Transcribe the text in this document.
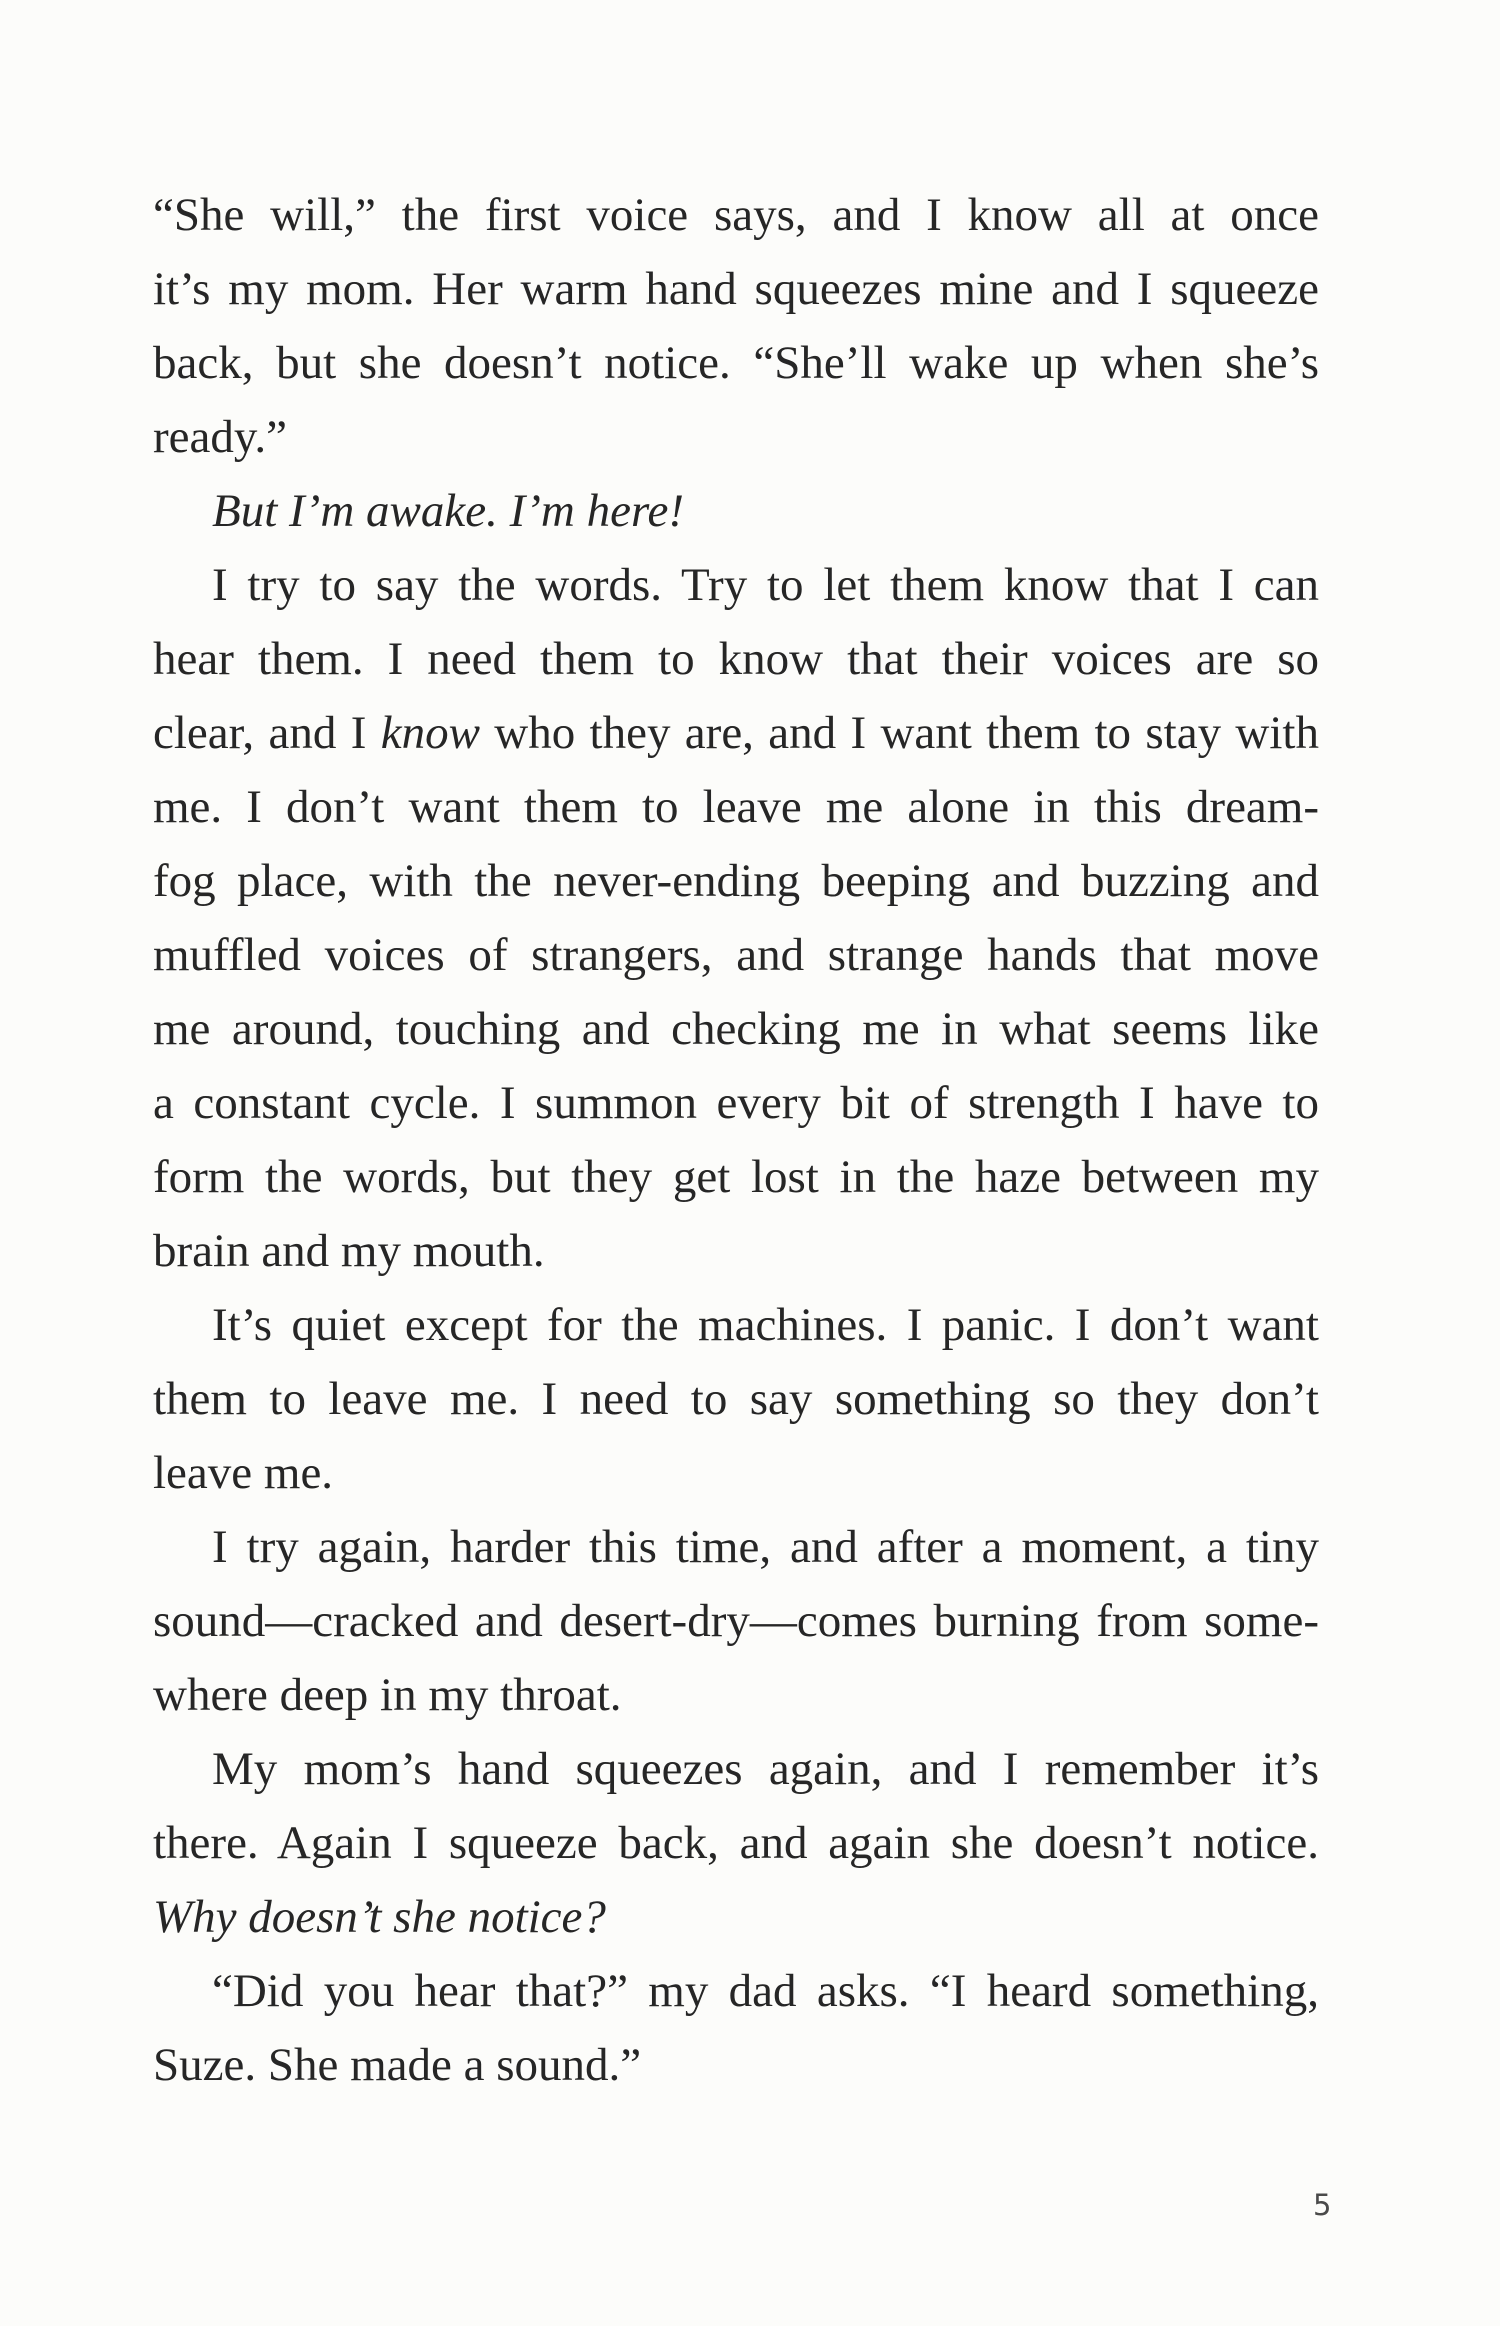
“She will,” the first voice says, and I know all at once
it’s my mom. Her warm hand squeezes mine and I squeeze
back, but she doesn’t notice. “She’ll wake up when she’s
ready.”
But I’m awake. I’m here!
I try to say the words. Try to let them know that I can
hear them. I need them to know that their voices are so
clear, and I know who they are, and I want them to stay with
me. I don’t want them to leave me alone in this dream-
fog place, with the never-ending beeping and buzzing and
muffled voices of strangers, and strange hands that move
me around, touching and checking me in what seems like
a constant cycle. I summon every bit of strength I have to
form the words, but they get lost in the haze between my
brain and my mouth.
It’s quiet except for the machines. I panic. I don’t want
them to leave me. I need to say something so they don’t
leave me.
I try again, harder this time, and after a moment, a tiny
sound—cracked and desert-dry—comes burning from some-
where deep in my throat.
My mom’s hand squeezes again, and I remember it’s
there. Again I squeeze back, and again she doesn’t notice.
Why doesn’t she notice?
“Did you hear that?” my dad asks. “I heard something,
Suze. She made a sound.”
5
